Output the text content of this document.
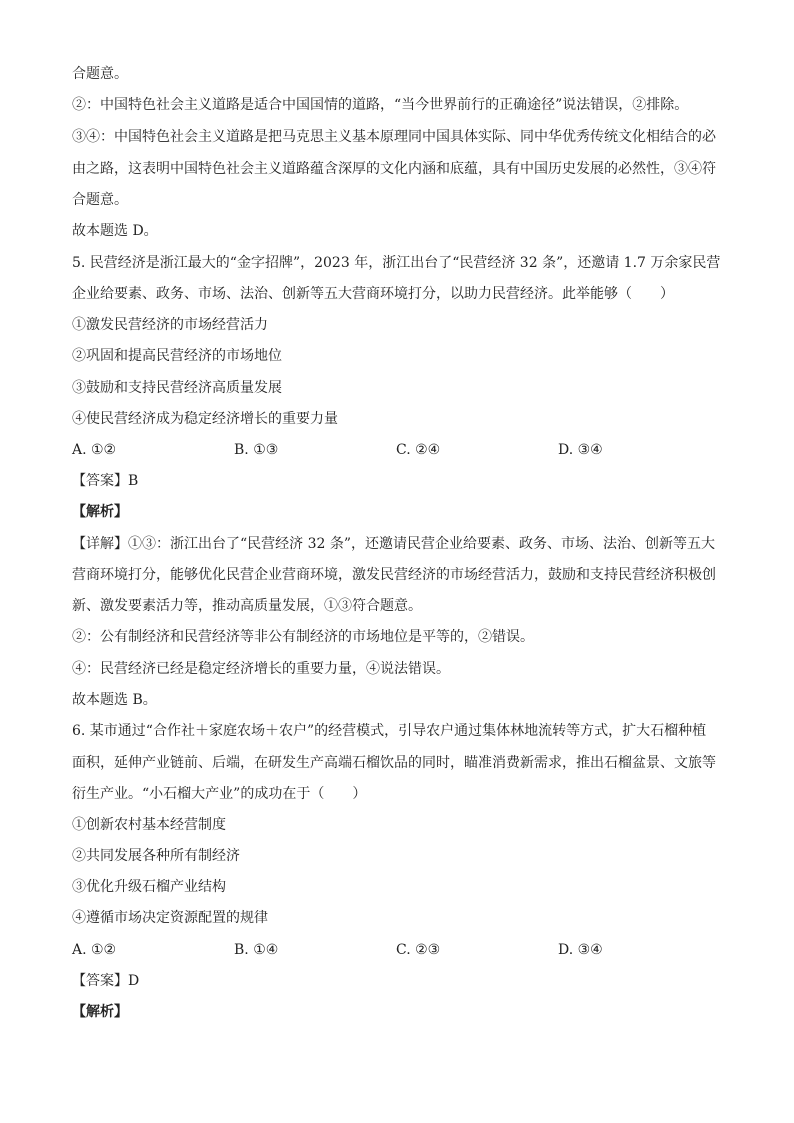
合题意。
②：中国特色社会主义道路是适合中国国情的道路，“当今世界前行的正确途径”说法错误，②排除。
③④：中国特色社会主义道路是把马克思主义基本原理同中国具体实际、同中华优秀传统文化相结合的必
由之路，这表明中国特色社会主义道路蕴含深厚的文化内涵和底蕴，具有中国历史发展的必然性，③④符
合题意。
故本题选 D。
5. 民营经济是浙江最大的“金字招牌”，2023 年，浙江出台了“民营经济 32 条”，还邀请 1.7 万余家民营
企业给要素、政务、市场、法治、创新等五大营商环境打分，以助力民营经济。此举能够（　　）
①激发民营经济的市场经营活力
②巩固和提高民营经济的市场地位
③鼓励和支持民营经济高质量发展
④使民营经济成为稳定经济增长的重要力量
A. ①②	B. ①③	C. ②④	D. ③④
【答案】B
【解析】
【详解】①③：浙江出台了“民营经济 32 条”，还邀请民营企业给要素、政务、市场、法治、创新等五大
营商环境打分，能够优化民营企业营商环境，激发民营经济的市场经营活力，鼓励和支持民营经济积极创
新、激发要素活力等，推动高质量发展，①③符合题意。
②：公有制经济和民营经济等非公有制经济的市场地位是平等的，②错误。
④：民营经济已经是稳定经济增长的重要力量，④说法错误。
故本题选 B。
6. 某市通过“合作社＋家庭农场＋农户”的经营模式，引导农户通过集体林地流转等方式，扩大石榴种植
面积，延伸产业链前、后端，在研发生产高端石榴饮品的同时，瞄准消费新需求，推出石榴盆景、文旅等
衍生产业。“小石榴大产业”的成功在于（　　）
①创新农村基本经营制度
②共同发展各种所有制经济
③优化升级石榴产业结构
④遵循市场决定资源配置的规律
A. ①②	B. ①④	C. ②③	D. ③④
【答案】D
【解析】
